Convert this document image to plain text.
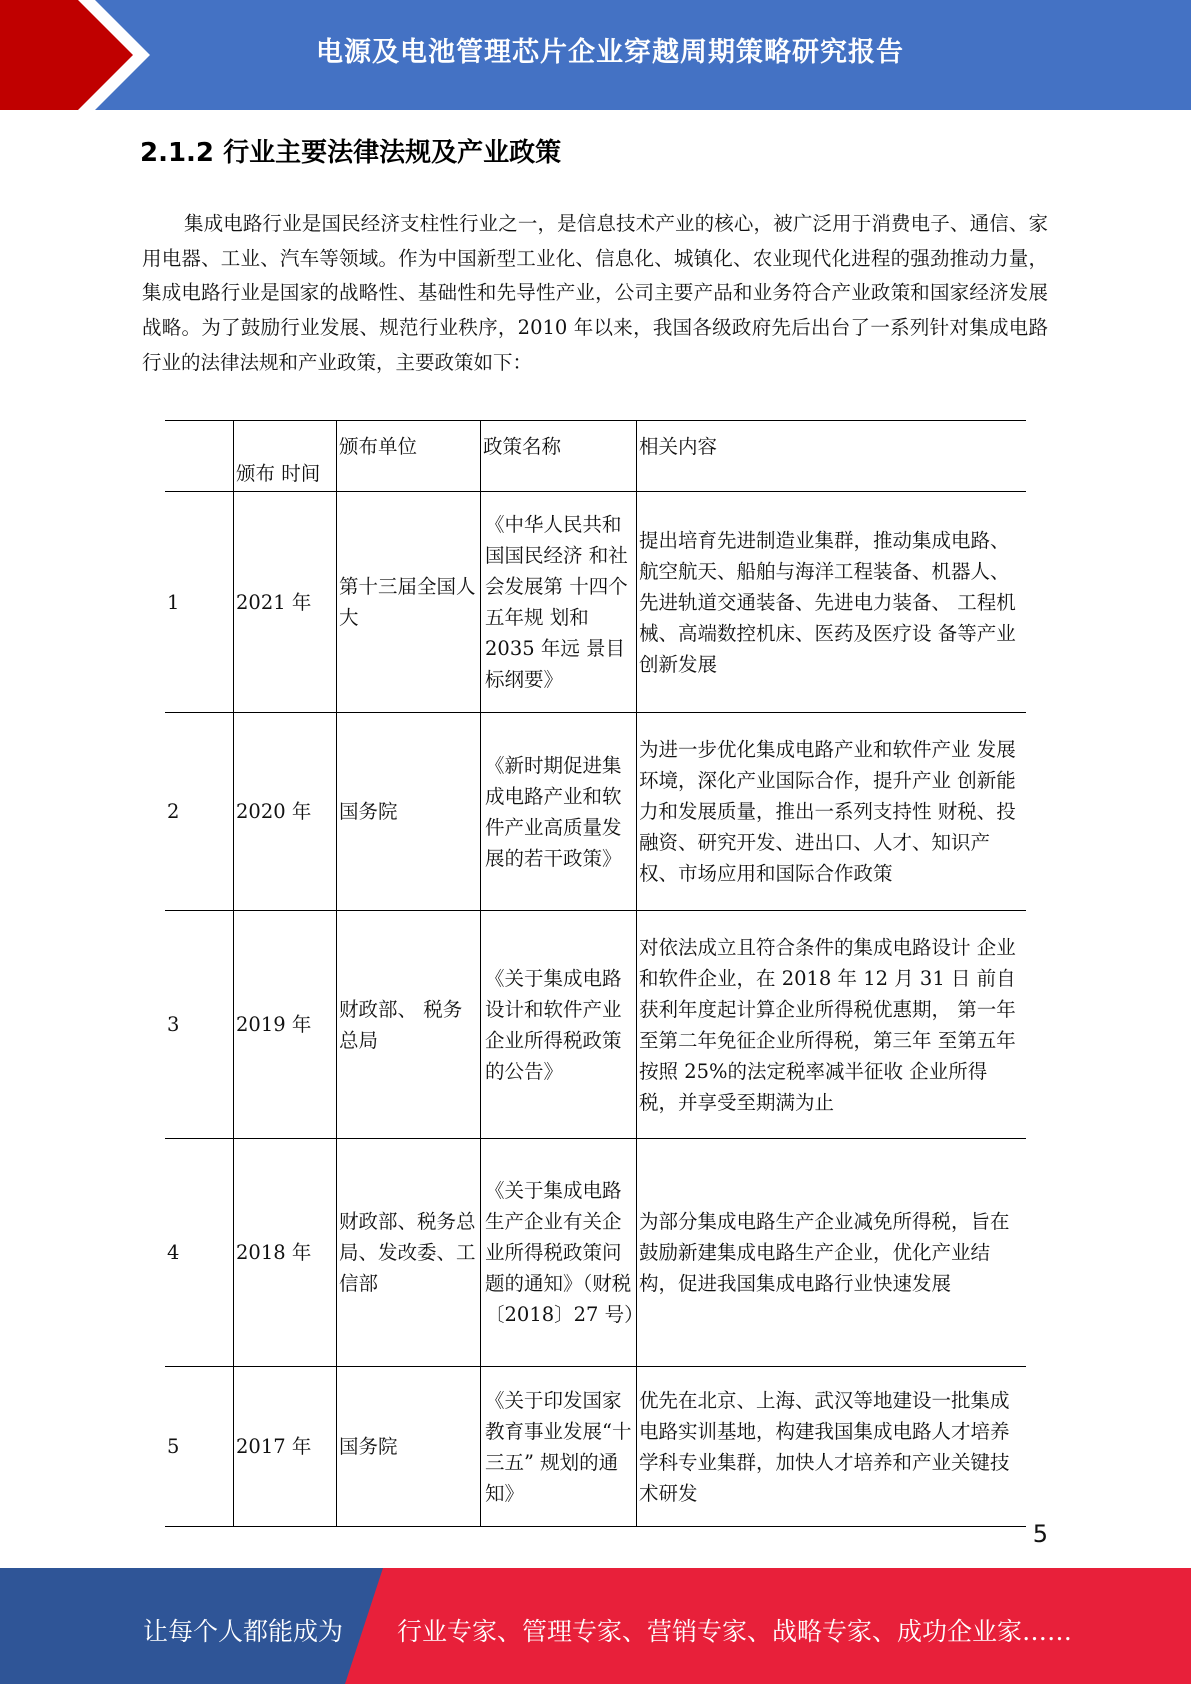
电源及电池管理芯片企业穿越周期策略研究报告
2.1.2 行业主要法律法规及产业政策
集成电路行业是国民经济支柱性行业之一，是信息技术产业的核心，被广泛用于消费电子、通信、家用电器、工业、汽车等领域。作为中国新型工业化、信息化、城镇化、农业现代化进程的强劲推动力量，集成电路行业是国家的战略性、基础性和先导性产业，公司主要产品和业务符合产业政策和国家经济发展战略。为了鼓励行业发展、规范行业秩序，2010 年以来，我国各级政府先后出台了一系列针对集成电路行业的法律法规和产业政策，主要政策如下：
	颁布 时间	颁布单位	政策名称	相关内容
1	2021 年	第十三届全国人大	《中华人民共和国国民经济 和社会发展第 十四个五年规 划和 2035 年远 景目标纲要》	提出培育先进制造业集群，推动集成电路、航空航天、船舶与海洋工程装备、机器人、先进轨道交通装备、先进电力装备、 工程机械、高端数控机床、医药及医疗设 备等产业创新发展
2	2020 年	国务院	《新时期促进集成电路产业和软件产业高质量发展的若干政策》	为进一步优化集成电路产业和软件产业 发展环境，深化产业国际合作，提升产业 创新能力和发展质量，推出一系列支持性 财税、投融资、研究开发、进出口、人才、知识产权、市场应用和国际合作政策
3	2019 年	财政部、 税务总局	《关于集成电路设计和软件产业企业所得税政策的公告》	对依法成立且符合条件的集成电路设计 企业和软件企业，在 2018 年 12 月 31 日 前自获利年度起计算企业所得税优惠期， 第一年至第二年免征企业所得税，第三年 至第五年按照 25%的法定税率减半征收 企业所得税，并享受至期满为止
4	2018 年	财政部、税务总局、发改委、工信部	《关于集成电路生产企业有关企业所得税政策问题的通知》（财税〔2018〕27 号）	为部分集成电路生产企业减免所得税，旨在鼓励新建集成电路生产企业，优化产业结构，促进我国集成电路行业快速发展
5	2017 年	国务院	《关于印发国家教育事业发展“十三五” 规划的通知》	优先在北京、上海、武汉等地建设一批集成电路实训基地，构建我国集成电路人才培养学科专业集群，加快人才培养和产业关键技术研发
5
让每个人都能成为 行业专家、管理专家、营销专家、战略专家、成功企业家……
